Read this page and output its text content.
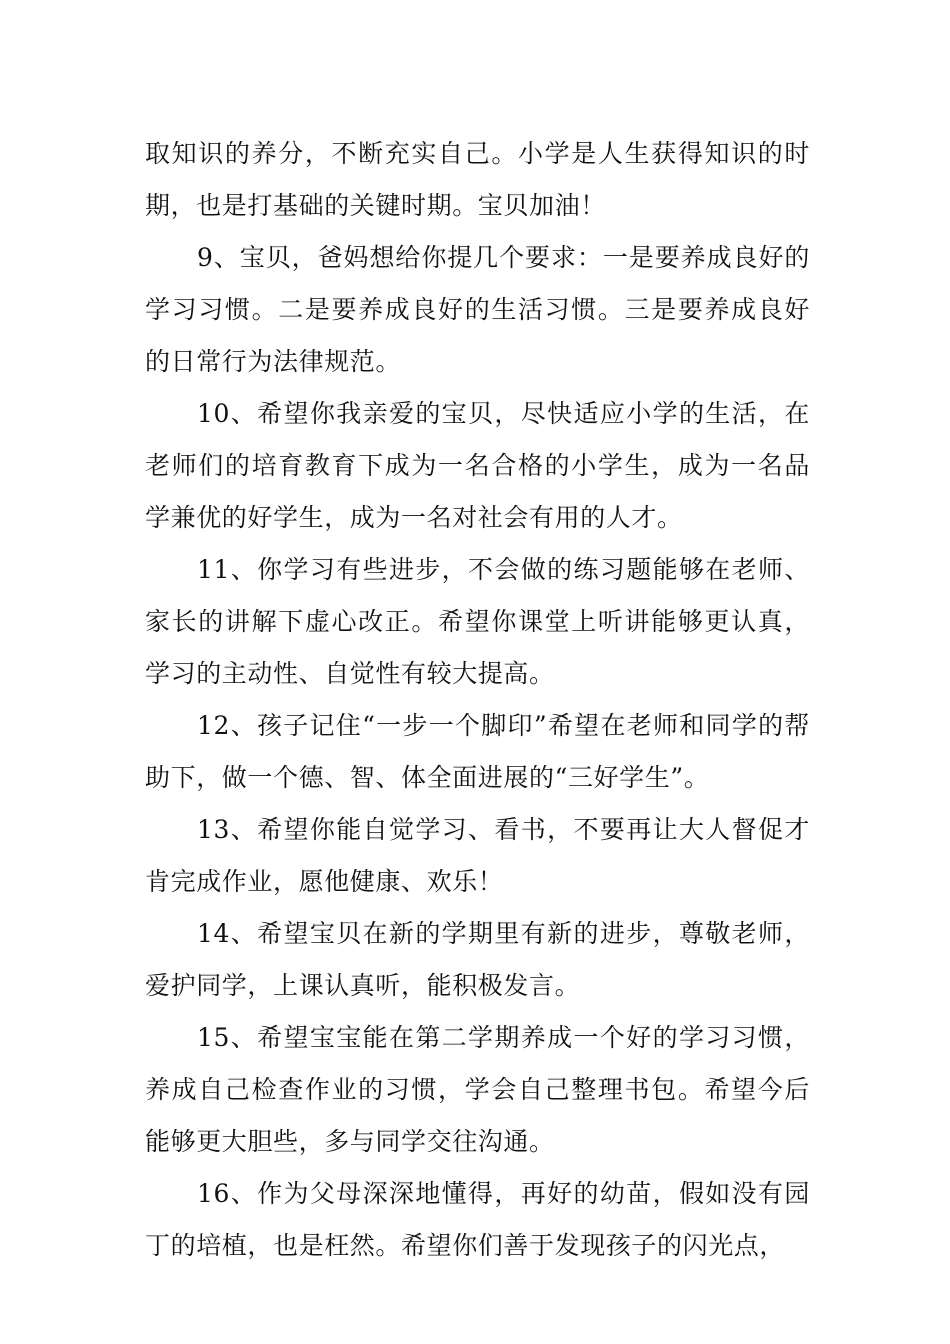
取知识的养分，不断充实自己。小学是人生获得知识的时期，也是打基础的关键时期。宝贝加油！

9、宝贝，爸妈想给你提几个要求：一是要养成良好的学习习惯。二是要养成良好的生活习惯。三是要养成良好的日常行为法律规范。

10、希望你我亲爱的宝贝，尽快适应小学的生活，在老师们的培育教育下成为一名合格的小学生，成为一名品学兼优的好学生，成为一名对社会有用的人才。

11、你学习有些进步，不会做的练习题能够在老师、家长的讲解下虚心改正。希望你课堂上听讲能够更认真，学习的主动性、自觉性有较大提高。

12、孩子记住“一步一个脚印”希望在老师和同学的帮助下，做一个德、智、体全面进展的“三好学生”。

13、希望你能自觉学习、看书，不要再让大人督促才肯完成作业，愿他健康、欢乐！

14、希望宝贝在新的学期里有新的进步，尊敬老师，爱护同学，上课认真听，能积极发言。

15、希望宝宝能在第二学期养成一个好的学习习惯，养成自己检查作业的习惯，学会自己整理书包。希望今后能够更大胆些，多与同学交往沟通。

16、作为父母深深地懂得，再好的幼苗，假如没有园丁的培植，也是枉然。希望你们善于发现孩子的闪光点，
